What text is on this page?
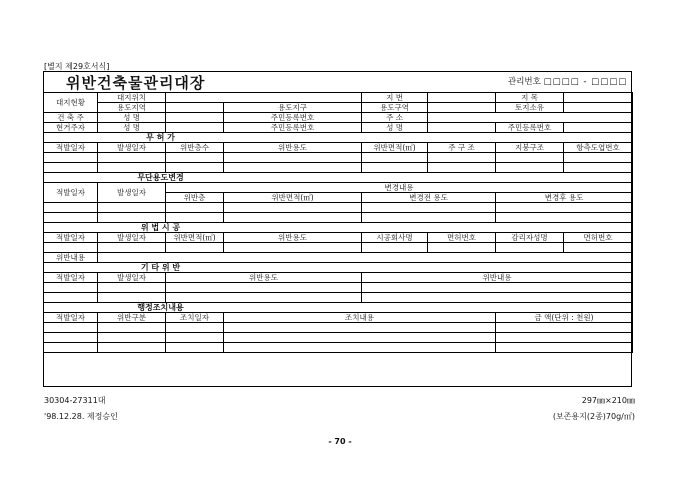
[별지 제29호서식]
위반건축물관리대장	관리번호 □□□□ - □□□□
대지현황	대지위치			지 번		지 목	
	용도지역		용도지구	용도구역		토지소유	
건 축 주	성 명		주민등록번호	주 소			
현거주자	성 명		주민등록번호	성 명		주민등록번호	
	무 허 가						
적발일자	발생일자	위반층수	위반용도	위반면적(㎡)	주 구 조	지붕구조	항측도엽번호

	무단용도변경						
적발일자	발생일자	변경내용					
		위반층	위반면적(㎡)	변경전 용도		변경후 용도	

	위 법 시 공						
적발일자	발생일자	위반면적(㎡)	위반용도	시공회사명	면허번호	감리자성명	면허번호

위반내용							
	기 타 위 반						
적발일자	발생일자	위반용도		위반내용			

	행정조치내용						
적발일자	위반구분	조치일자	조치내용			금 액(단위 : 천원)	

30304-27311대
'98.12.28. 제정승인
297㎜×210㎜
(보존용지(2종)70g/㎡)
- 70 -
